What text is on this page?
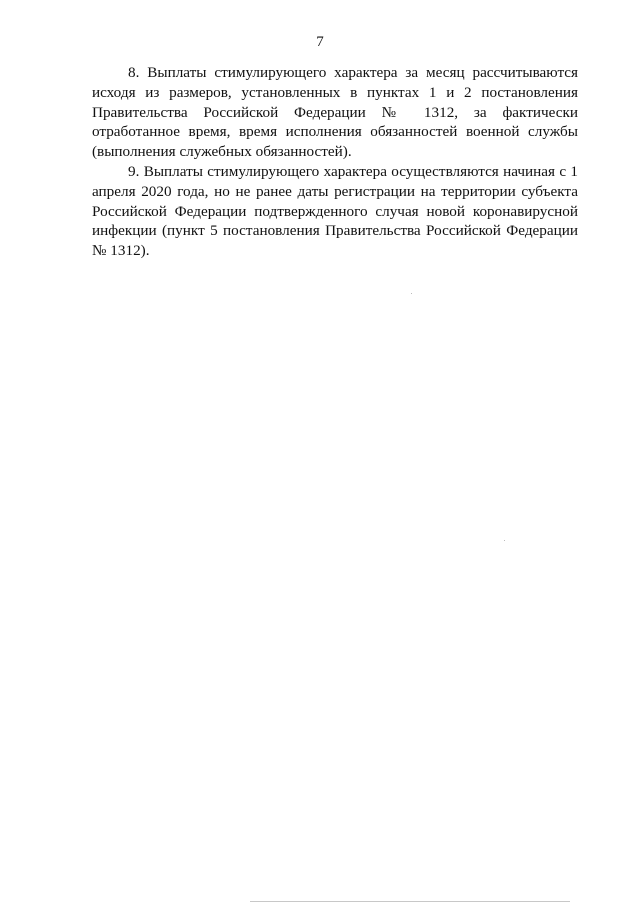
7

8. Выплаты стимулирующего характера за месяц рассчитываются исходя из размеров, установленных в пунктах 1 и 2 постановления Правительства Российской Федерации № 1312, за фактически отработанное время, время исполнения обязанностей военной службы (выполнения служебных обязанностей).

9. Выплаты стимулирующего характера осуществляются начиная с 1 апреля 2020 года, но не ранее даты регистрации на территории субъекта Российской Федерации подтвержденного случая новой коронавирусной инфекции (пункт 5 постановления Правительства Российской Федерации № 1312).
